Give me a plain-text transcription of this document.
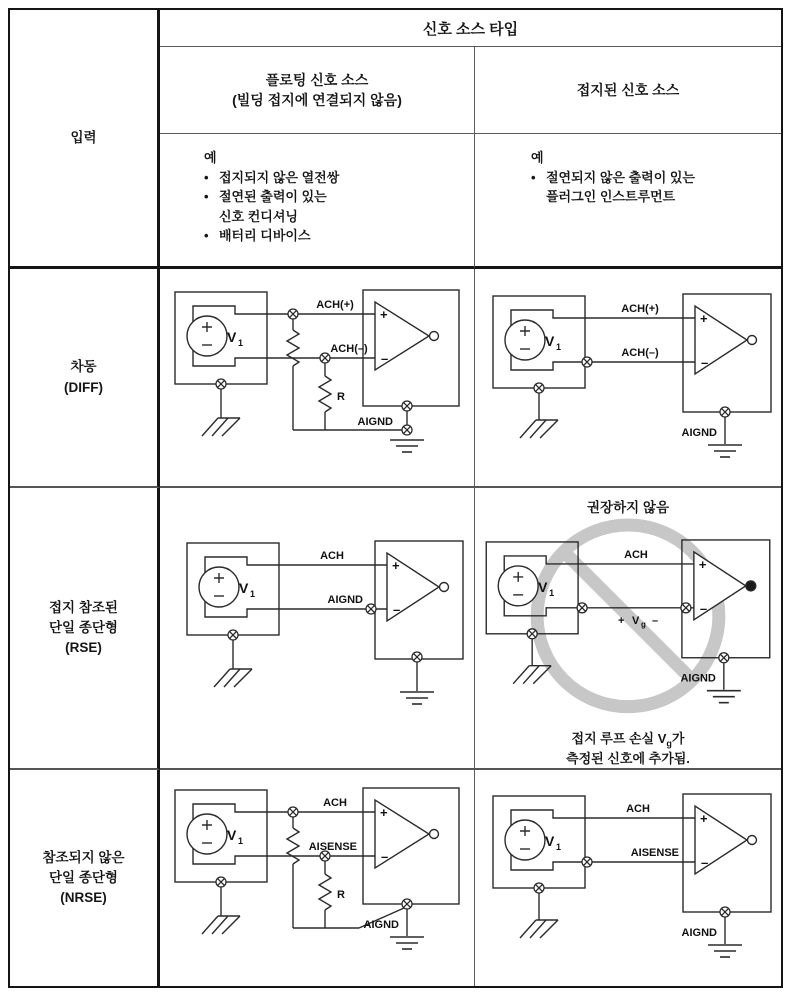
입력
신호 소스 타입
플로팅 신호 소스
(빌딩 접지에 연결되지 않음)
접지된 신호 소스
예
• 접지되지 않은 열전쌍
• 절연된 출력이 있는
신호 컨디셔닝
• 배터리 디바이스
예
• 절연되지 않은 출력이 있는
플러그인 인스트루먼트
차동
(DIFF)
V 1
ACH(+)
ACH(–)
R
AIGND
+
–
V 1
ACH(+)
ACH(–)
AIGND
+
–
접지 참조된
단일 종단형
(RSE)
V 1
ACH
AIGND
+
–
권장하지 않음
V 1
ACH
+ V g –
AIGND
+
–
접지 루프 손실 $V_g$가
측정된 신호에 추가됨.
참조되지 않은
단일 종단형
(NRSE)
V 1
ACH
AISENSE
R
AIGND
+
–
V 1
ACH
AISENSE
AIGND
+
–
